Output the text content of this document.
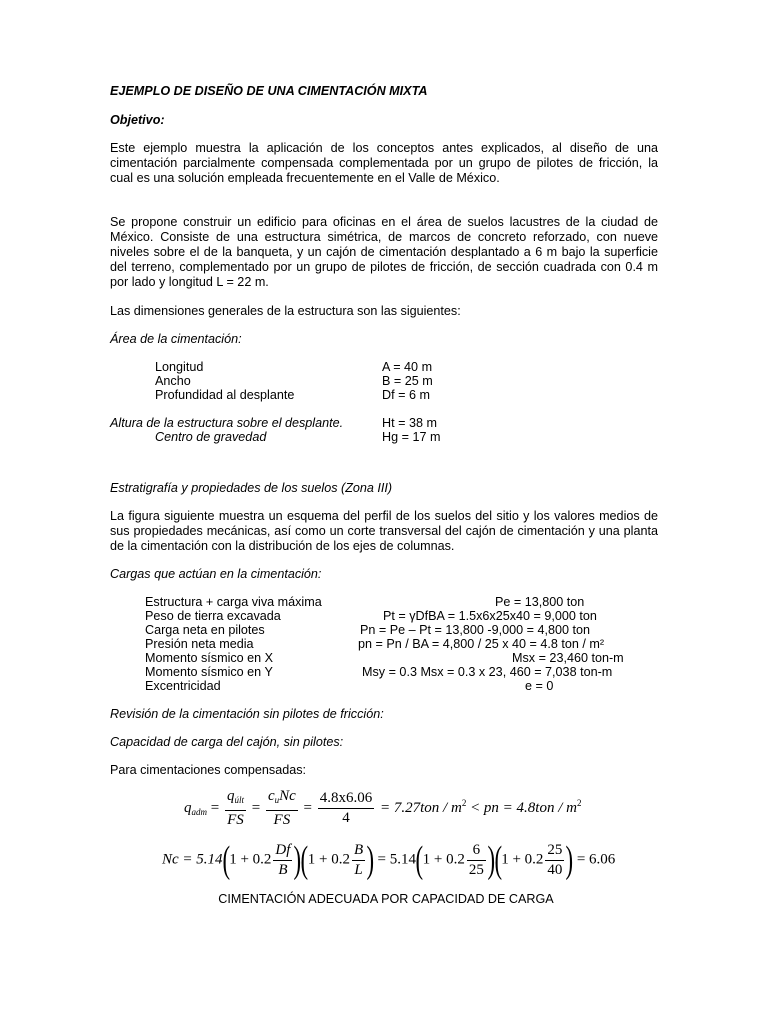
EJEMPLO DE DISEÑO DE UNA CIMENTACIÓN MIXTA

Objetivo:

Este ejemplo muestra la aplicación de los conceptos antes explicados, al diseño de una cimentación parcialmente compensada complementada por un grupo de pilotes de fricción, la cual es una solución empleada frecuentemente en el Valle de México.

Se propone construir un edificio para oficinas en el área de suelos lacustres de la ciudad de México. Consiste de una estructura simétrica, de marcos de concreto reforzado, con nueve niveles sobre el de la banqueta, y un cajón de cimentación desplantado a 6 m bajo la superficie del terreno, complementado por un grupo de pilotes de fricción, de sección cuadrada con 0.4 m por lado y longitud L = 22 m.

Las dimensiones generales de la estructura son las siguientes:

Área de la cimentación:

Longitud	A = 40 m
Ancho	B = 25 m
Profundidad al desplante	Df = 6 m
Altura de la estructura sobre el desplante.	Ht = 38 m
Centro de gravedad	Hg = 17 m

Estratigrafía y propiedades de los suelos (Zona III)

La figura siguiente muestra un esquema del perfil de los suelos del sitio y los valores medios de sus propiedades mecánicas, así como un corte transversal del cajón de cimentación y una planta de la cimentación con la distribución de los ejes de columnas.

Cargas que actúan en la cimentación:

Estructura + carga viva máxima	Pe = 13,800 ton
Peso de tierra excavada	Pt = γDfBA = 1.5x6x25x40 = 9,000 ton
Carga neta en pilotes	Pn = Pe – Pt = 13,800 -9,000 = 4,800 ton
Presión neta media	pn = Pn / BA = 4,800 / 25 x 40 = 4.8 ton / m²
Momento sísmico en X	Msx = 23,460 ton-m
Momento sísmico en Y	Msy = 0.3 Msx = 0.3 x 23, 460 = 7,038 ton-m
Excentricidad	e = 0

Revisión de la cimentación sin pilotes de fricción:

Capacidad de carga del cajón, sin pilotes:

Para cimentaciones compensadas:

$q_{adm} = \frac{q_{últ}}{FS} = \frac{c_uNc}{FS} = \frac{4.8x6.06}{4} = 7.27ton / m^2$ < pn = $4.8ton / m^2$
$Nc = 5.14(1 + 0.2 \frac{Df}{B} )(1 + 0.2 \frac{B}{L}$ ) = $5.14(1 + 0.2 \frac{6}{25} )(1 + 0.2 \frac{25}{40}$ ) = 6.06

CIMENTACIÓN ADECUADA POR CAPACIDAD DE CARGA
